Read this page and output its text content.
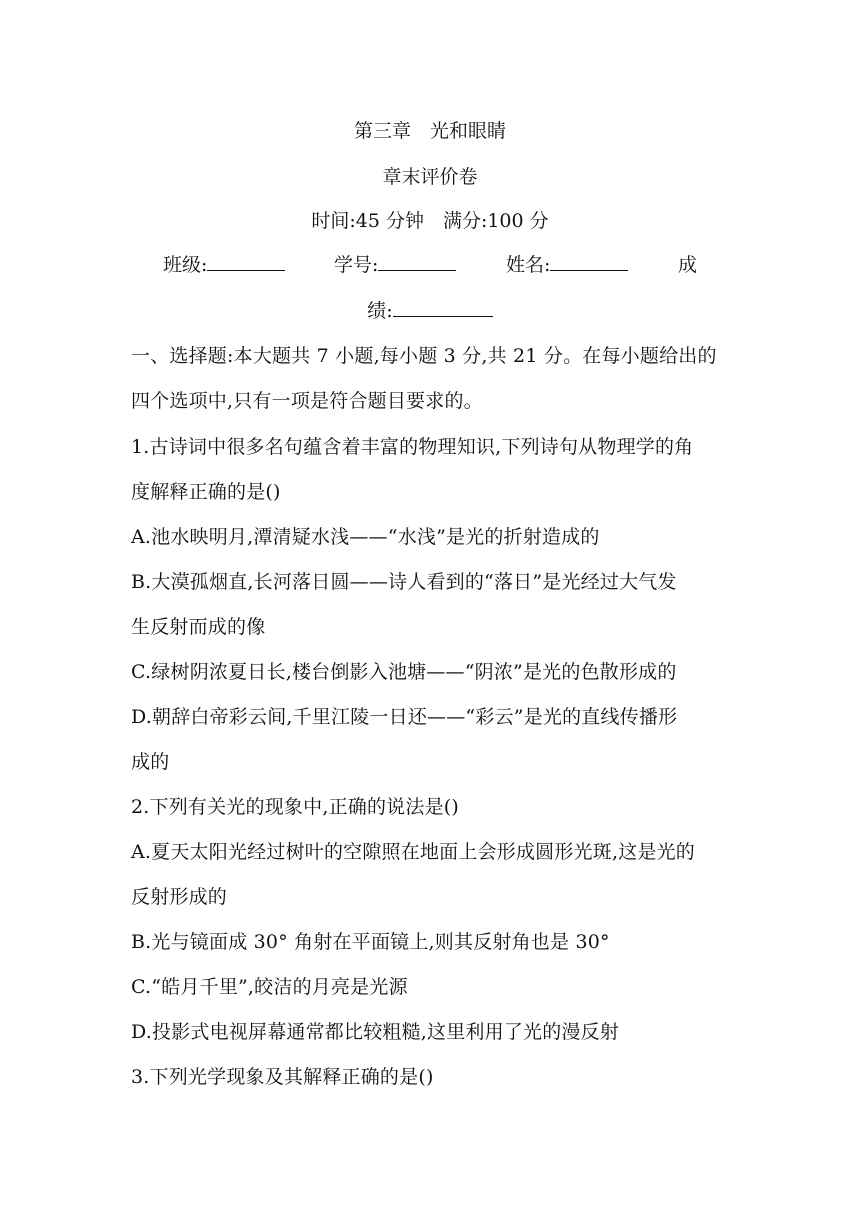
第三章　光和眼睛
章末评价卷
时间:45 分钟　满分:100 分
班级:	学号:	姓名:	成
绩:
一、选择题:本大题共 7 小题,每小题 3 分,共 21 分。在每小题给出的
四个选项中,只有一项是符合题目要求的。
1.古诗词中很多名句蕴含着丰富的物理知识,下列诗句从物理学的角
度解释正确的是()
A.池水映明月,潭清疑水浅——“水浅”是光的折射造成的
B.大漠孤烟直,长河落日圆——诗人看到的“落日”是光经过大气发
生反射而成的像
C.绿树阴浓夏日长,楼台倒影入池塘——“阴浓”是光的色散形成的
D.朝辞白帝彩云间,千里江陵一日还——“彩云”是光的直线传播形
成的
2.下列有关光的现象中,正确的说法是()
A.夏天太阳光经过树叶的空隙照在地面上会形成圆形光斑,这是光的
反射形成的
B.光与镜面成 30° 角射在平面镜上,则其反射角也是 30°
C.“皓月千里”,皎洁的月亮是光源
D.投影式电视屏幕通常都比较粗糙,这里利用了光的漫反射
3.下列光学现象及其解释正确的是()
